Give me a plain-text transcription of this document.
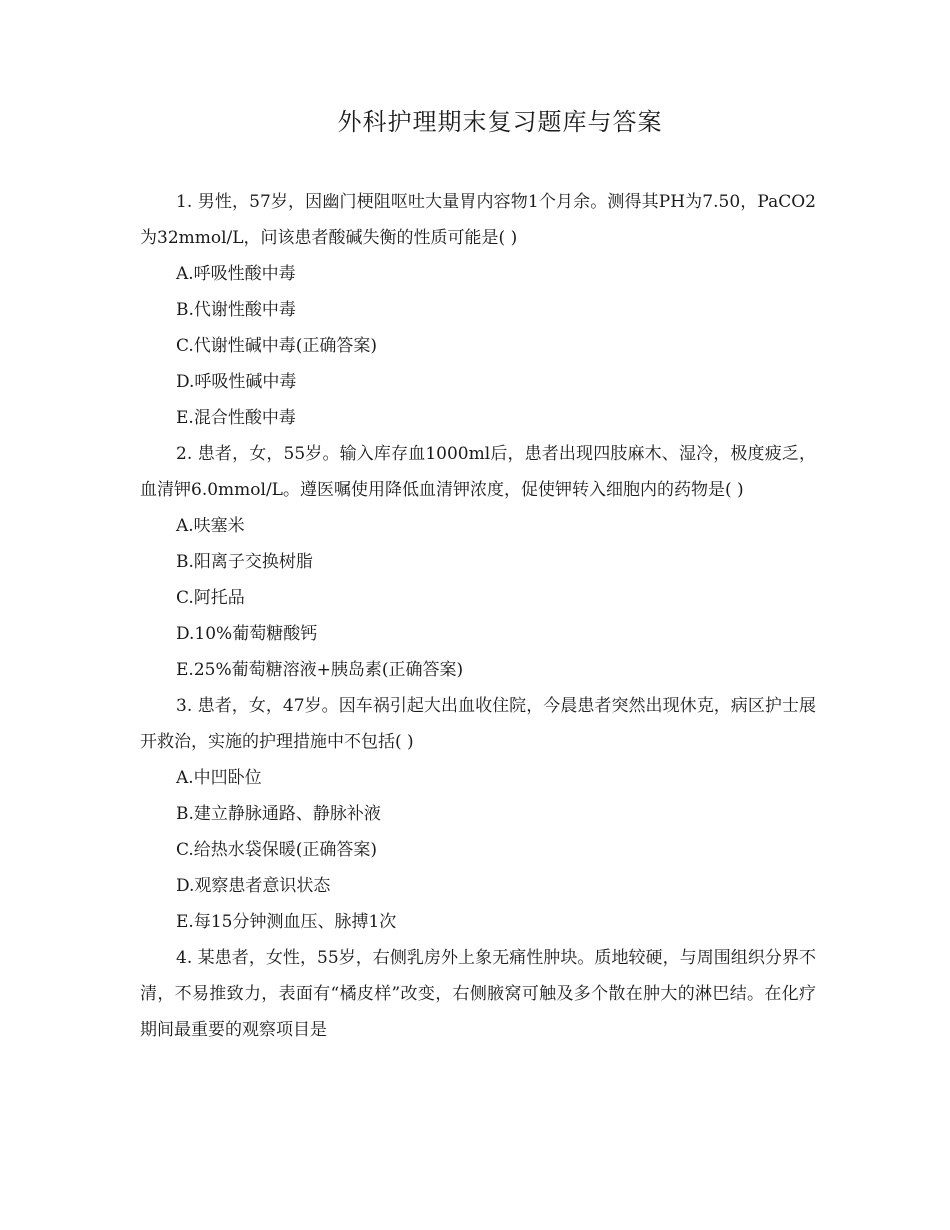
外科护理期末复习题库与答案

1. 男性，57岁，因幽门梗阻呕吐大量胃内容物1个月余。测得其PH为7.50，PaCO2为32mmol/L，问该患者酸碱失衡的性质可能是( )

A.呼吸性酸中毒

B.代谢性酸中毒

C.代谢性碱中毒(正确答案)

D.呼吸性碱中毒

E.混合性酸中毒

2. 患者，女，55岁。输入库存血1000ml后，患者出现四肢麻木、湿冷，极度疲乏，血清钾6.0mmol/L。遵医嘱使用降低血清钾浓度，促使钾转入细胞内的药物是( )

A.呋塞米

B.阳离子交换树脂

C.阿托品

D.10%葡萄糖酸钙

E.25%葡萄糖溶液+胰岛素(正确答案)

3. 患者，女，47岁。因车祸引起大出血收住院，今晨患者突然出现休克，病区护士展开救治，实施的护理措施中不包括( )

A.中凹卧位

B.建立静脉通路、静脉补液

C.给热水袋保暖(正确答案)

D.观察患者意识状态

E.每15分钟测血压、脉搏1次

4. 某患者，女性，55岁，右侧乳房外上象无痛性肿块。质地较硬，与周围组织分界不清，不易推致力，表面有“橘皮样”改变，右侧腋窝可触及多个散在肿大的淋巴结。在化疗期间最重要的观察项目是
